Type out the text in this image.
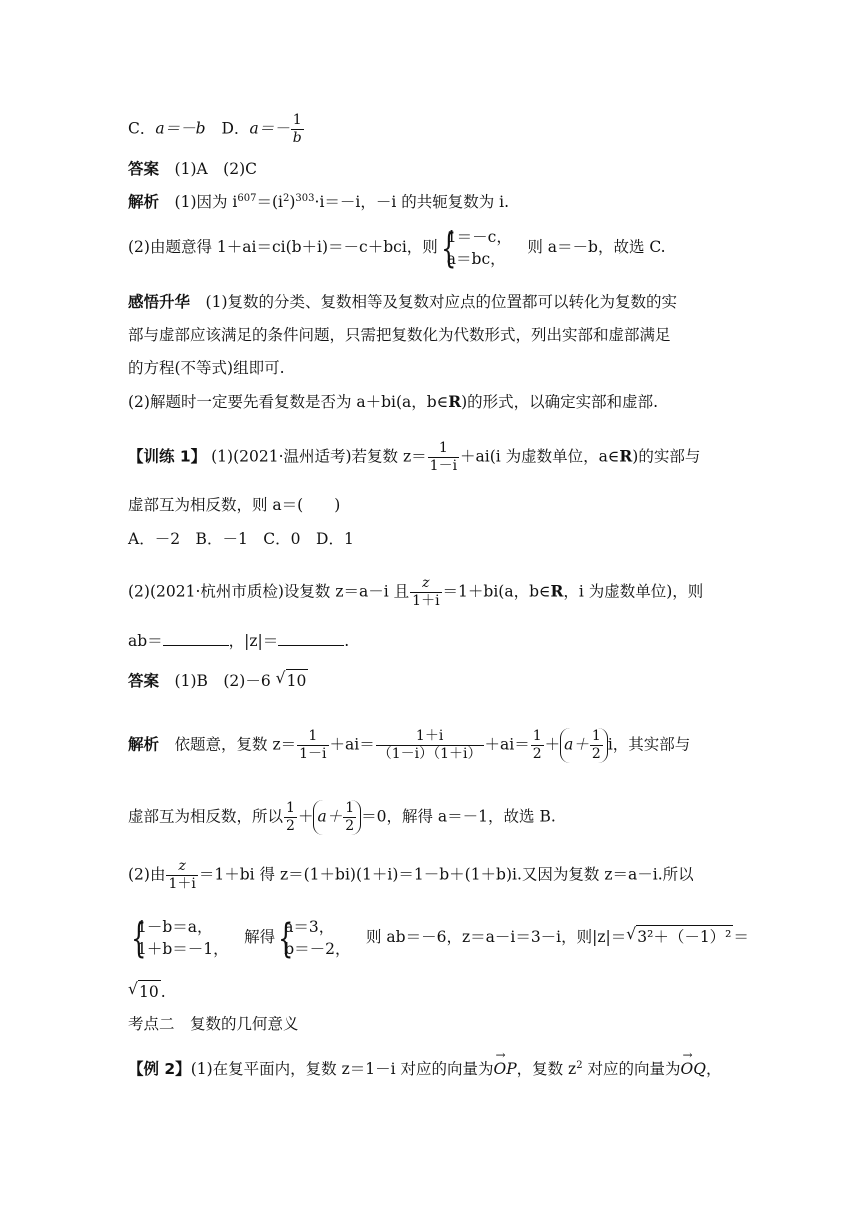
C．a＝－b D．$a=- \frac{1}{b}$
答案　 (1)A　(2)C
解析　 (1)因为 $i^{607}=(i^2)^{303}\cdot i=-i$，－i 的共轭复数为 i.
(2)由题意得 1＋ai＝ci(b＋i)＝－c＋bci，则
{ 1＝－c，
a＝bc，
　则 a＝－b，故选 C.
感悟升华　 (1)复数的分类、复数相等及复数对应点的位置都可以转化为复数的实
部与虚部应该满足的条件问题，只需把复数化为代数形式，列出实部和虚部满足
的方程(不等式)组即可.
(2)解题时一定要先看复数是否为 a＋bi(a，b∈R)的形式，以确定实部和虚部.
【训练 1】 (1)(2021·温州适考)若复数 $z= \frac{1}{1-i} +ai(i$ 为虚数单位，a∈R)的实部与
虚部互为相反数，则 a＝(　　)
A．－2　B．－1　C．0　D．1
(2)(2021·杭州市质检)设复数 z＝a－i 且 $\frac{z}{1+i} =1+bi(a$，b∈R，i 为虚数单位)，则
ab＝	，|z|＝	.
答案　 (1)B　(2)－6 √ 10
解析　 依题意，复数 $z= \frac{1}{1-i} +ai= \frac{1+i}{(1-i)(1+i)} +ai= \frac{1}{2} + a+ \frac{1}{2}$ i，其实部与
虚部互为相反数，所以 $\frac{1}{2} + a+ \frac{1}{2} =0$，解得 a＝－1，故选 B.
(2)由 $\frac{z}{1+i} =1+bi$ 得 z＝(1＋bi)(1＋i)＝1－b＋(1＋b)i.又因为复数 z＝a－i.所以
{ 1－b＝a，
1＋b＝－1，
　解得
{ a＝3，
b＝－2，
　则 ab＝－6，z＝a－i＝3－i，则|z|＝ √ 3²＋（－1）² ＝
√ 10 .
考点二　复数的几何意义
【例 2】(1)在复平面内，复数 z＝1－i 对应的向量为→ OP，复数 $z^2$ 对应的向量为→ OQ，
